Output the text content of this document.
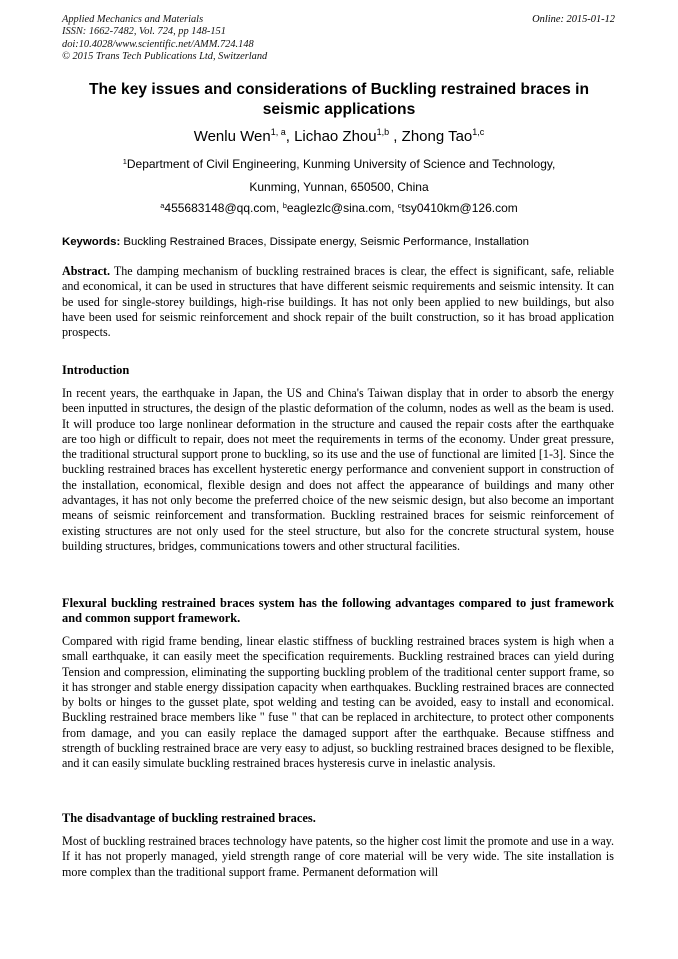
Applied Mechanics and Materials
ISSN: 1662-7482, Vol. 724, pp 148-151
doi:10.4028/www.scientific.net/AMM.724.148
© 2015 Trans Tech Publications Ltd, Switzerland
Online: 2015-01-12
The key issues and considerations of Buckling restrained braces in seismic applications
Wenlu Wen$^{1, a}$, Lichao Zhou$^{1,b}$ , Zhong Tao$^{1,c}$
$^1$Department of Civil Engineering, Kunming University of Science and Technology,
Kunming, Yunnan, 650500, China
$^a$455683148@qq.com, $^b$eaglezlc@sina.com, $^c$tsy0410km@126.com
Keywords: Buckling Restrained Braces, Dissipate energy, Seismic Performance, Installation
Abstract. The damping mechanism of buckling restrained braces is clear, the effect is significant, safe, reliable and economical, it can be used in structures that have different seismic requirements and seismic intensity. It can be used for single-storey buildings, high-rise buildings. It has not only been applied to new buildings, but also have been used for seismic reinforcement and shock repair of the built construction, so it has broad application prospects.
Introduction
In recent years, the earthquake in Japan, the US and China's Taiwan display that in order to absorb the energy been inputted in structures, the design of the plastic deformation of the column, nodes as well as the beam is used. It will produce too large nonlinear deformation in the structure and caused the repair costs after the earthquake are too high or difficult to repair, does not meet the requirements in terms of the economy. Under great pressure, the traditional structural support prone to buckling, so its use and the use of functional are limited [1-3]. Since the buckling restrained braces has excellent hysteretic energy performance and convenient support in construction of the installation, economical, flexible design and does not affect the appearance of buildings and many other advantages, it has not only become the preferred choice of the new seismic design, but also become an important means of seismic reinforcement and transformation. Buckling restrained braces for seismic reinforcement of existing structures are not only used for the steel structure, but also for the concrete structural system, house building structures, bridges, communications towers and other structural facilities.
Flexural buckling restrained braces system has the following advantages compared to just framework and common support framework.
Compared with rigid frame bending, linear elastic stiffness of buckling restrained braces system is high when a small earthquake, it can easily meet the specification requirements. Buckling restrained braces can yield during Tension and compression, eliminating the supporting buckling problem of the traditional center support frame, so it has stronger and stable energy dissipation capacity when earthquakes. Buckling restrained braces are connected by bolts or hinges to the gusset plate, spot welding and testing can be avoided, easy to install and economical. Buckling restrained brace members like " fuse " that can be replaced in architecture, to protect other components from damage, and you can easily replace the damaged support after the earthquake. Because stiffness and strength of buckling restrained brace are very easy to adjust, so buckling restrained braces designed to be flexible, and it can easily simulate buckling restrained braces hysteresis curve in inelastic analysis.
The disadvantage of buckling restrained braces.
Most of buckling restrained braces technology have patents, so the higher cost limit the promote and use in a way. If it has not properly managed, yield strength range of core material will be very wide. The site installation is more complex than the traditional support frame. Permanent deformation will
